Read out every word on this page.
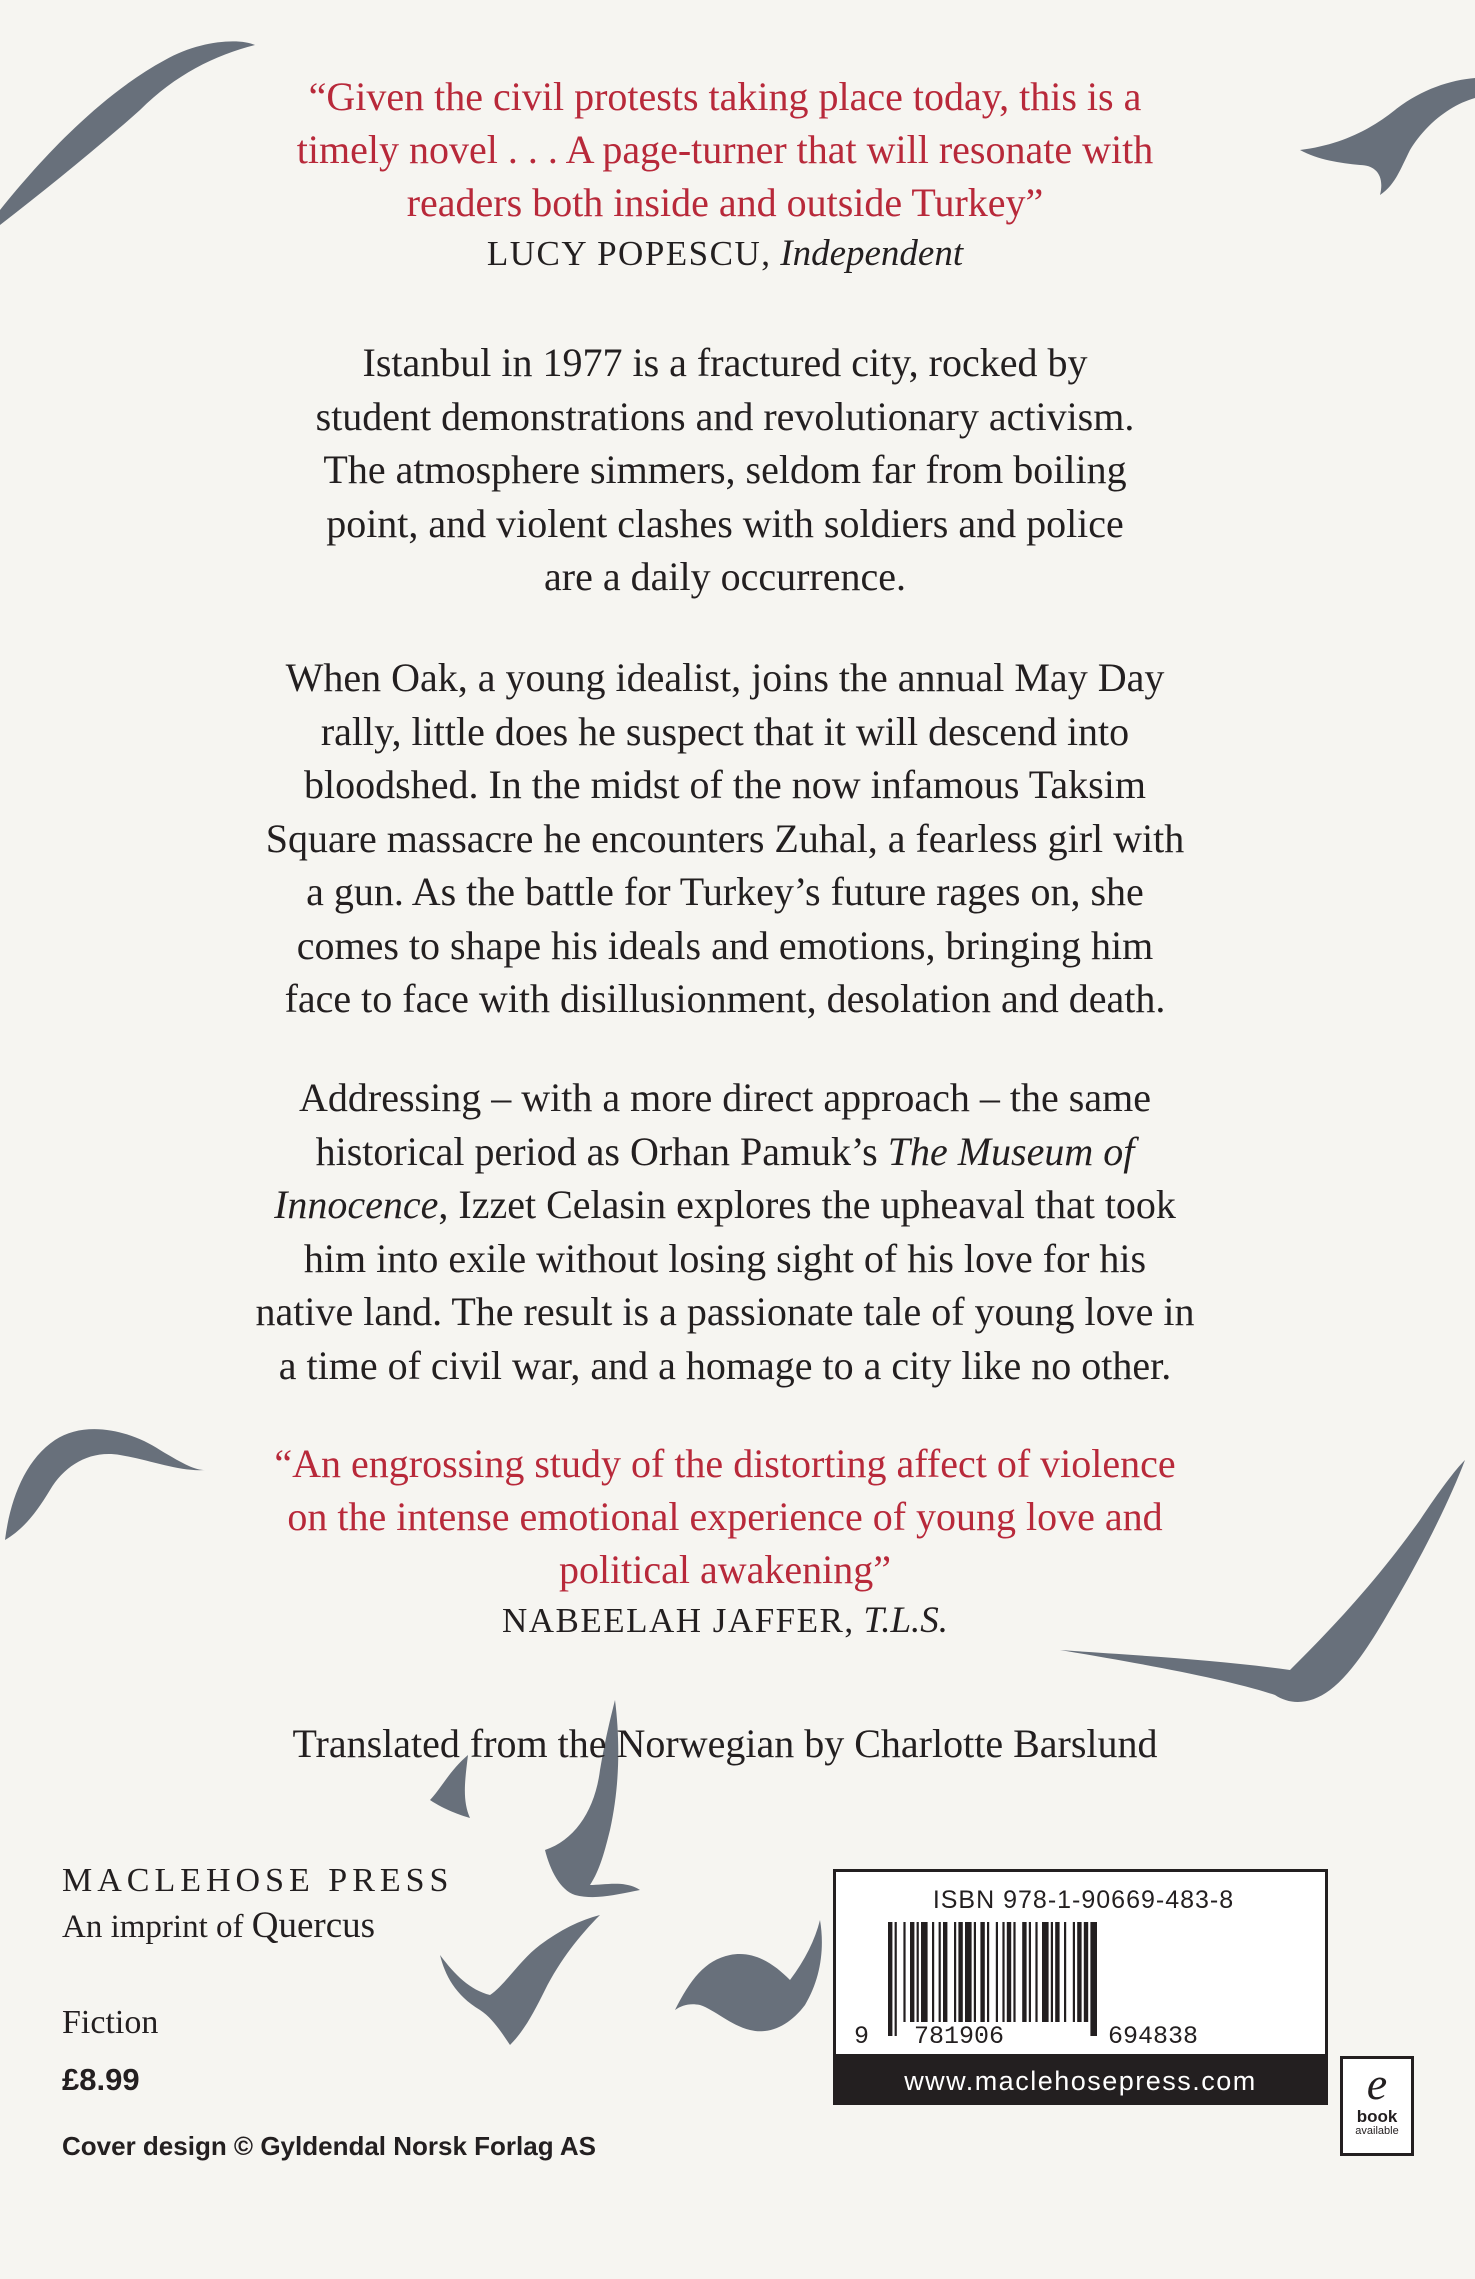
“Given the civil protests taking place today, this is a
timely novel . . . A page-turner that will resonate with
readers both inside and outside Turkey”
LUCY POPESCU, Independent
Istanbul in 1977 is a fractured city, rocked by
student demonstrations and revolutionary activism.
The atmosphere simmers, seldom far from boiling
point, and violent clashes with soldiers and police
are a daily occurrence.
When Oak, a young idealist, joins the annual May Day
rally, little does he suspect that it will descend into
bloodshed. In the midst of the now infamous Taksim
Square massacre he encounters Zuhal, a fearless girl with
a gun. As the battle for Turkey’s future rages on, she
comes to shape his ideals and emotions, bringing him
face to face with disillusionment, desolation and death.
Addressing – with a more direct approach – the same
historical period as Orhan Pamuk’s The Museum of
Innocence, Izzet Celasin explores the upheaval that took
him into exile without losing sight of his love for his
native land. The result is a passionate tale of young love in
a time of civil war, and a homage to a city like no other.
“An engrossing study of the distorting affect of violence
on the intense emotional experience of young love and
political awakening”
NABEELAH JAFFER, T.L.S.
Translated from the Norwegian by Charlotte Barslund
MACLEHOSE PRESS
An imprint of Quercus
Fiction
£8.99
Cover design © Gyldendal Norsk Forlag AS
ISBN 978-1-90669-483-8
9 781906	694838
www.maclehosepress.com	e
book
available
